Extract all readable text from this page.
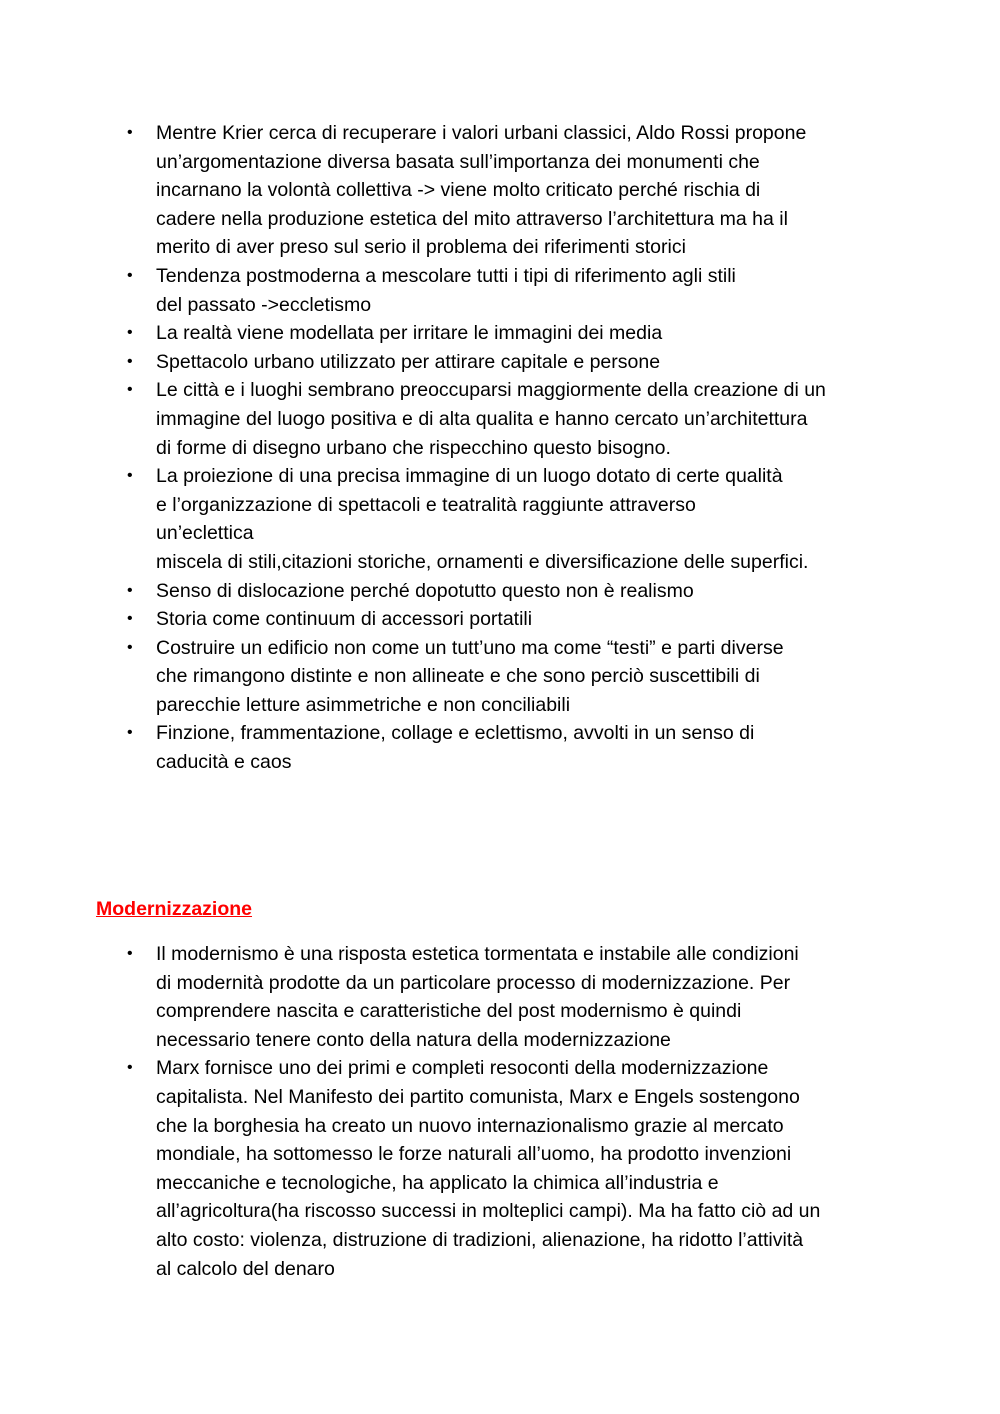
•	Mentre Krier cerca di recuperare i valori urbani classici, Aldo Rossi propone
un’argomentazione diversa basata sull’importanza dei monumenti che
incarnano la volontà collettiva -> viene molto criticato perché rischia di
cadere nella produzione estetica del mito attraverso l’architettura ma ha il
merito di aver preso sul serio il problema dei riferimenti storici
•	Tendenza postmoderna a mescolare tutti i tipi di riferimento agli stili
del passato ->eccletismo
•	La realtà viene modellata per irritare le immagini dei media
•	Spettacolo urbano utilizzato per attirare capitale e persone
•	Le città e i luoghi sembrano preoccuparsi maggiormente della creazione di un
immagine del luogo positiva e di alta qualita e hanno cercato un’architettura
di forme di disegno urbano che rispecchino questo bisogno.
•	La proiezione di una precisa immagine di un luogo dotato di certe qualità
e l’organizzazione di spettacoli e teatralità raggiunte attraverso
un’eclettica
miscela di stili,citazioni storiche, ornamenti e diversificazione delle superfici.
•	Senso di dislocazione perché dopotutto questo non è realismo
•	Storia come continuum di accessori portatili
•	Costruire un edificio non come un tutt’uno ma come “testi” e parti diverse
che rimangono distinte e non allineate e che sono perciò suscettibili di
parecchie letture asimmetriche e non conciliabili
•	Finzione, frammentazione, collage e eclettismo, avvolti in un senso di
caducità e caos
Modernizzazione
•	Il modernismo è una risposta estetica tormentata e instabile alle condizioni
di modernità prodotte da un particolare processo di modernizzazione. Per
comprendere nascita e caratteristiche del post modernismo è quindi
necessario tenere conto della natura della modernizzazione
•	Marx fornisce uno dei primi e completi resoconti della modernizzazione
capitalista. Nel Manifesto dei partito comunista, Marx e Engels sostengono
che la borghesia ha creato un nuovo internazionalismo grazie al mercato
mondiale, ha sottomesso le forze naturali all’uomo, ha prodotto invenzioni
meccaniche e tecnologiche, ha applicato la chimica all’industria e
all’agricoltura(ha riscosso successi in molteplici campi). Ma ha fatto ciò ad un
alto costo: violenza, distruzione di tradizioni, alienazione, ha ridotto l’attività
al calcolo del denaro
